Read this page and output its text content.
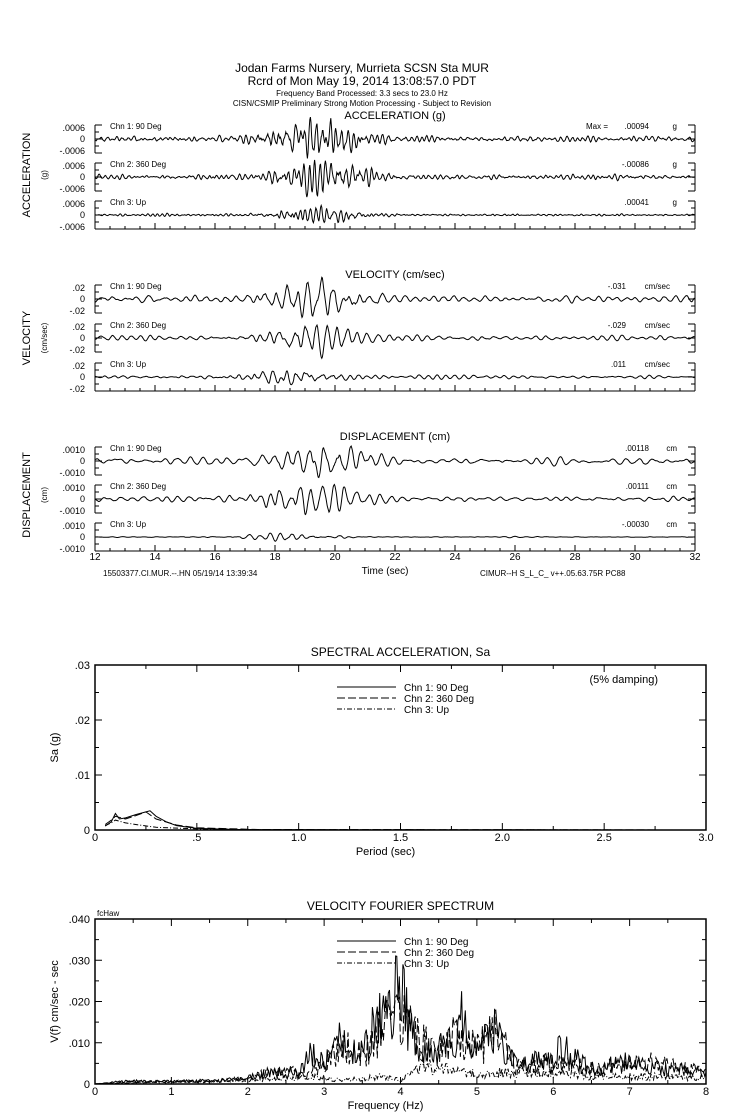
Jodan Farms Nursery, Murrieta SCSN Sta MUR
Rcrd of Mon May 19, 2014 13:08:57.0 PDT
Frequency Band Processed: 3.3 secs to 23.0 Hz
CISN/CSMIP Preliminary Strong Motion Processing - Subject to Revision
ACCELERATION (g)
ACCELERATION (g)
.0006
0
-.0006
Chn 1: 90 Deg	Max = .00094	g
.0006
0
-.0006
Chn 2: 360 Deg	-.00086	g
.0006
0
-.0006
Chn 3: Up	.00041	g
VELOCITY (cm/sec)
VELOCITY (cm/sec)
.02
0
-.02
Chn 1: 90 Deg	-.031 cm/sec
.02
0
-.02
Chn 2: 360 Deg	-.029 cm/sec
.02
0
-.02
Chn 3: Up	.011 cm/sec
DISPLACEMENT (cm)
DISPLACEMENT (cm)
.0010
0
-.0010
Chn 1: 90 Deg	.00118 cm
.0010
0
-.0010
Chn 2: 360 Deg	.00111 cm
.0010
0
-.0010
Chn 3: Up	-.00030 cm
12	14	16	18	20	22	24	26	28	30	32
Time (sec)
15503377.CI.MUR.--.HN 05/19/14 13:39:34	CIMUR--H S_L_C_ v++.05.63.75R PC88
SPECTRAL ACCELERATION, Sa
0	.5	1.0	1.5	2.0	2.5	3.0
0
.01
.02
.03
Period (sec)
Sa (g)
Chn 1: 90 Deg
Chn 2: 360 Deg
Chn 3: Up
(5% damping)
VELOCITY FOURIER SPECTRUM
0	1	2	3	4	5	6	7	8
0
.010
.020
.030
.040
Frequency (Hz)
V(f) cm/sec - sec
Chn 1: 90 Deg
Chn 2: 360 Deg
Chn 3: Up
fcHaw
